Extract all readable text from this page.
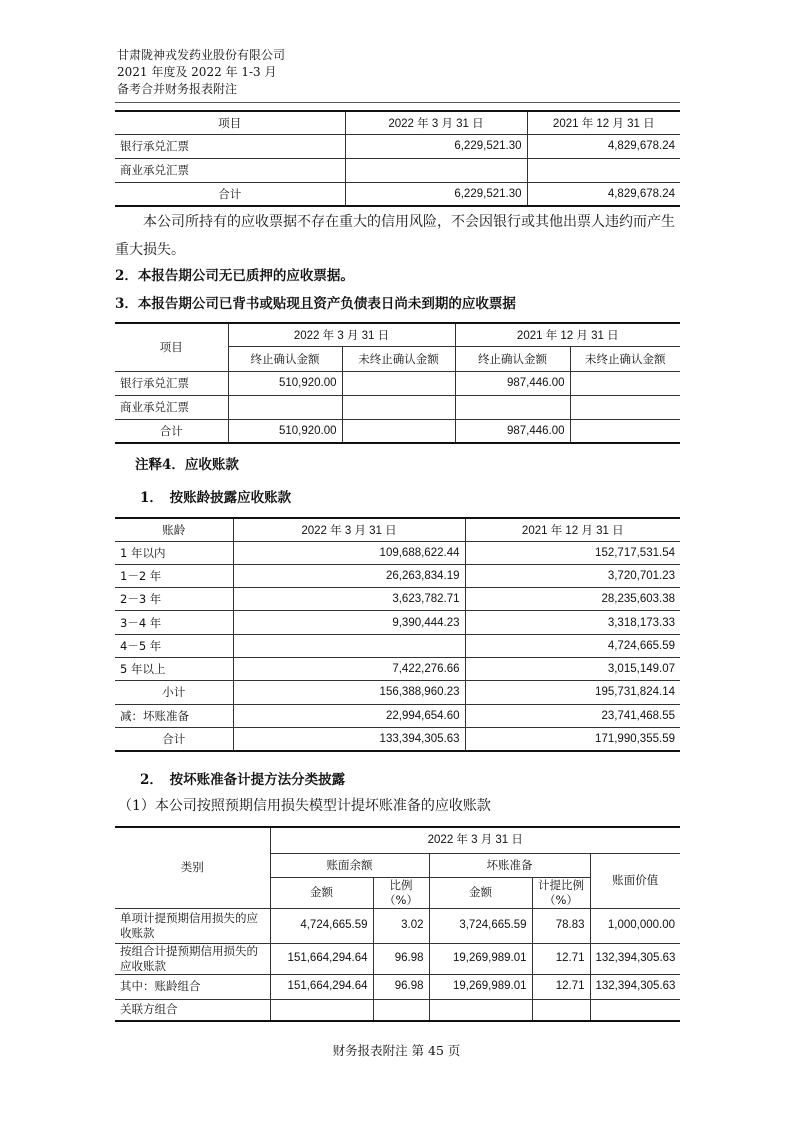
甘肃陇神戎发药业股份有限公司
2021 年度及 2022 年 1-3 月
备考合并财务报表附注
项目	2022 年 3 月 31 日	2021 年 12 月 31 日
银行承兑汇票	6,229,521.30	4,829,678.24
商业承兑汇票		
合计	6,229,521.30	4,829,678.24
本公司所持有的应收票据不存在重大的信用风险，不会因银行或其他出票人违约而产生重大损失。
2．本报告期公司无已质押的应收票据。
3．本报告期公司已背书或贴现且资产负债表日尚未到期的应收票据
项目	2022 年 3 月 31 日		2021 年 12 月 31 日	
	终止确认金额	未终止确认金额	终止确认金额	未终止确认金额
银行承兑汇票	510,920.00		987,446.00	
商业承兑汇票				
合计	510,920.00		987,446.00	
注释4．应收账款
1．　按账龄披露应收账款
账龄	2022 年 3 月 31 日	2021 年 12 月 31 日
1 年以内	109,688,622.44	152,717,531.54
1－2 年	26,263,834.19	3,720,701.23
2－3 年	3,623,782.71	28,235,603.38
3－4 年	9,390,444.23	3,318,173.33
4－5 年		4,724,665.59
5 年以上	7,422,276.66	3,015,149.07
小计	156,388,960.23	195,731,824.14
减：坏账准备	22,994,654.60	23,741,468.55
合计	133,394,305.63	171,990,355.59
2．　按坏账准备计提方法分类披露
（1）本公司按照预期信用损失模型计提坏账准备的应收账款
类别	2022 年 3 月 31 日				
	账面余额		坏账准备		账面价值
	金额	比例（%）	金额	计提比例（%）	
单项计提预期信用损失的应收账款	4,724,665.59	3.02	3,724,665.59	78.83	1,000,000.00
按组合计提预期信用损失的应收账款	151,664,294.64	96.98	19,269,989.01	12.71	132,394,305.63
其中：账龄组合	151,664,294.64	96.98	19,269,989.01	12.71	132,394,305.63
关联方组合					
财务报表附注 第 45 页
